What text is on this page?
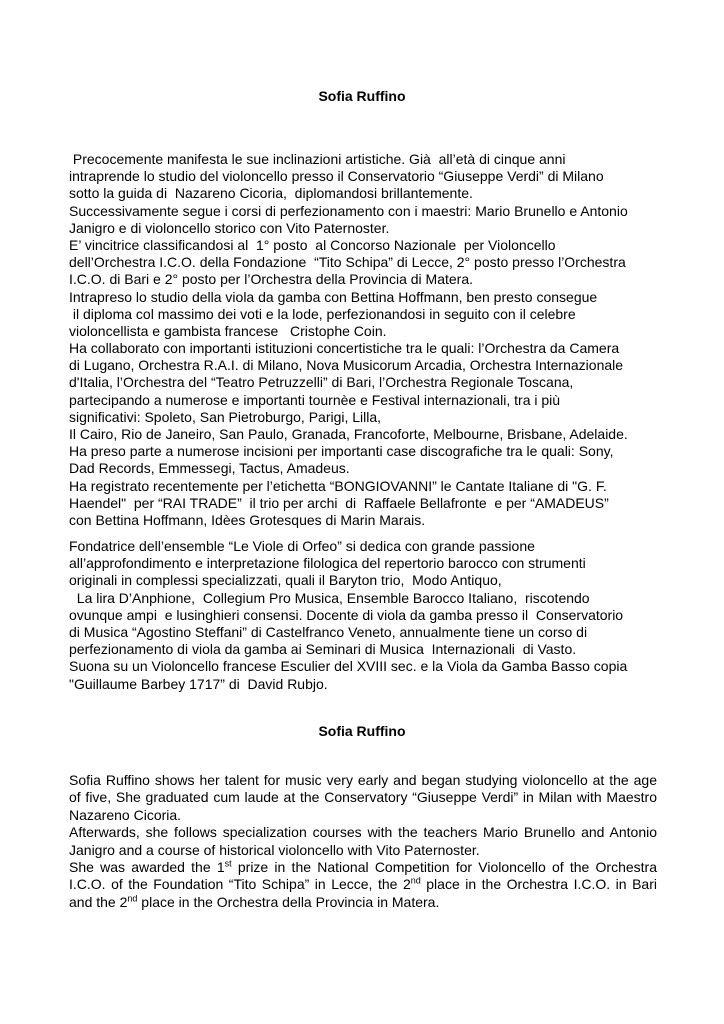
Sofia Ruffino
Precocemente manifesta le sue inclinazioni artistiche. Già  all’età di cinque anni
intraprende lo studio del violoncello presso il Conservatorio “Giuseppe Verdi” di Milano
sotto la guida di  Nazareno Cicoria,  diplomandosi brillantemente.
Successivamente segue i corsi di perfezionamento con i maestri: Mario Brunello e Antonio
Janigro e di violoncello storico con Vito Paternoster.
E’ vincitrice classificandosi al  1° posto  al Concorso Nazionale  per Violoncello
dell’Orchestra I.C.O. della Fondazione  “Tito Schipa” di Lecce, 2° posto presso l’Orchestra
I.C.O. di Bari e 2° posto per l’Orchestra della Provincia di Matera.
Intrapreso lo studio della viola da gamba con Bettina Hoffmann, ben presto consegue
il diploma col massimo dei voti e la lode, perfezionandosi in seguito con il celebre
violoncellista e gambista francese   Cristophe Coin.
Ha collaborato con importanti istituzioni concertistiche tra le quali: l’Orchestra da Camera
di Lugano, Orchestra R.A.I. di Milano, Nova Musicorum Arcadia, Orchestra Internazionale
d'Italia, l’Orchestra del “Teatro Petruzzelli” di Bari, l’Orchestra Regionale Toscana,
partecipando a numerose e importanti tournèe e Festival internazionali, tra i più
significativi: Spoleto, San Pietroburgo, Parigi, Lilla,
Il Cairo, Rio de Janeiro, San Paulo, Granada, Francoforte, Melbourne, Brisbane, Adelaide.
Ha preso parte a numerose incisioni per importanti case discografiche tra le quali: Sony,
Dad Records, Emmessegi, Tactus, Amadeus.
Ha registrato recentemente per l’etichetta “BONGIOVANNI” le Cantate Italiane di "G. F.
Haendel"  per “RAI TRADE”  il trio per archi  di  Raffaele Bellafronte  e per “AMADEUS”
con Bettina Hoffmann, Idèes Grotesques di Marin Marais.
Fondatrice dell’ensemble “Le Viole di Orfeo” si dedica con grande passione
all’approfondimento e interpretazione filologica del repertorio barocco con strumenti
originali in complessi specializzati, quali il Baryton trio,  Modo Antiquo,
La lira D’Anphione,  Collegium Pro Musica, Ensemble Barocco Italiano,  riscotendo
ovunque ampi  e lusinghieri consensi. Docente di viola da gamba presso il  Conservatorio
di Musica “Agostino Steffani” di Castelfranco Veneto, annualmente tiene un corso di
perfezionamento di viola da gamba ai Seminari di Musica  Internazionali  di Vasto.
Suona su un Violoncello francese Esculier del XVIII sec. e la Viola da Gamba Basso copia
"Guillaume Barbey 1717” di  David Rubjo.
Sofia Ruffino

Sofia Ruffino shows her talent for music very early and began studying violoncello at the age of five, She graduated cum laude at the Conservatory “Giuseppe Verdi” in Milan with Maestro Nazareno Cicoria.

Afterwards, she follows specialization courses with the teachers Mario Brunello and Antonio Janigro and a course of historical violoncello with Vito Paternoster.

She was awarded the 1st prize in the National Competition for Violoncello of the Orchestra I.C.O. of the Foundation “Tito Schipa” in Lecce, the 2nd place in the Orchestra I.C.O. in Bari and the 2nd place in the Orchestra della Provincia in Matera.
